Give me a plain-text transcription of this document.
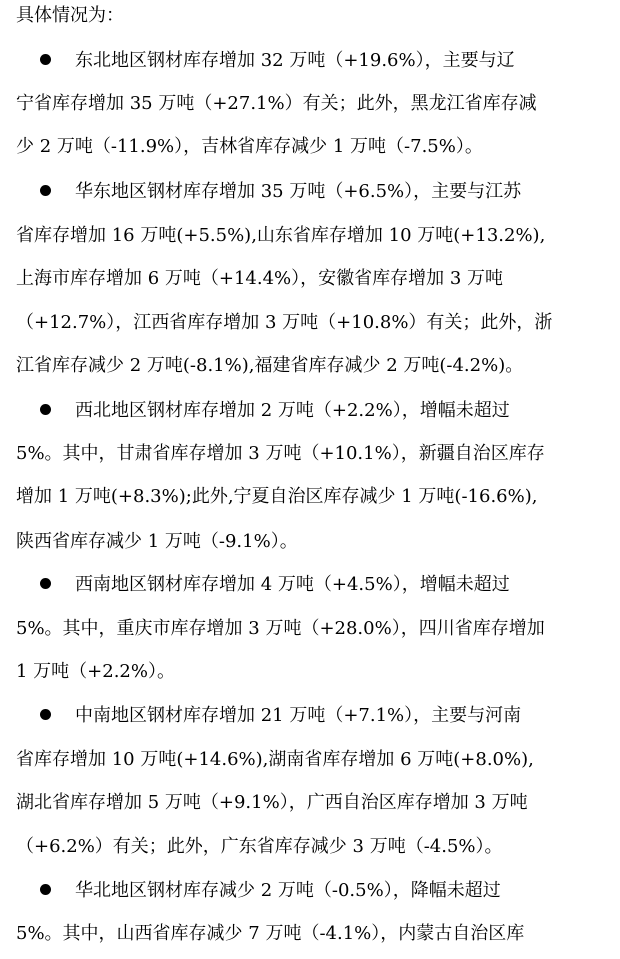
具体情况为：
东北地区钢材库存增加 32 万吨（+19.6%），主要与辽
宁省库存增加 35 万吨（+27.1%）有关；此外，黑龙江省库存减
少 2 万吨（-11.9%），吉林省库存减少 1 万吨（-7.5%）。
华东地区钢材库存增加 35 万吨（+6.5%），主要与江苏
省库存增加 16 万吨(+5.5%),山东省库存增加 10 万吨(+13.2%),
上海市库存增加 6 万吨（+14.4%），安徽省库存增加 3 万吨
（+12.7%），江西省库存增加 3 万吨（+10.8%）有关；此外，浙
江省库存减少 2 万吨(-8.1%),福建省库存减少 2 万吨(-4.2%)。
西北地区钢材库存增加 2 万吨（+2.2%），增幅未超过
5%。其中，甘肃省库存增加 3 万吨（+10.1%），新疆自治区库存
增加 1 万吨(+8.3%);此外,宁夏自治区库存减少 1 万吨(-16.6%),
陕西省库存减少 1 万吨（-9.1%）。
西南地区钢材库存增加 4 万吨（+4.5%），增幅未超过
5%。其中，重庆市库存增加 3 万吨（+28.0%），四川省库存增加
1 万吨（+2.2%）。
中南地区钢材库存增加 21 万吨（+7.1%），主要与河南
省库存增加 10 万吨(+14.6%),湖南省库存增加 6 万吨(+8.0%),
湖北省库存增加 5 万吨（+9.1%），广西自治区库存增加 3 万吨
（+6.2%）有关；此外，广东省库存减少 3 万吨（-4.5%）。
华北地区钢材库存减少 2 万吨（-0.5%），降幅未超过
5%。其中，山西省库存减少 7 万吨（-4.1%），内蒙古自治区库
